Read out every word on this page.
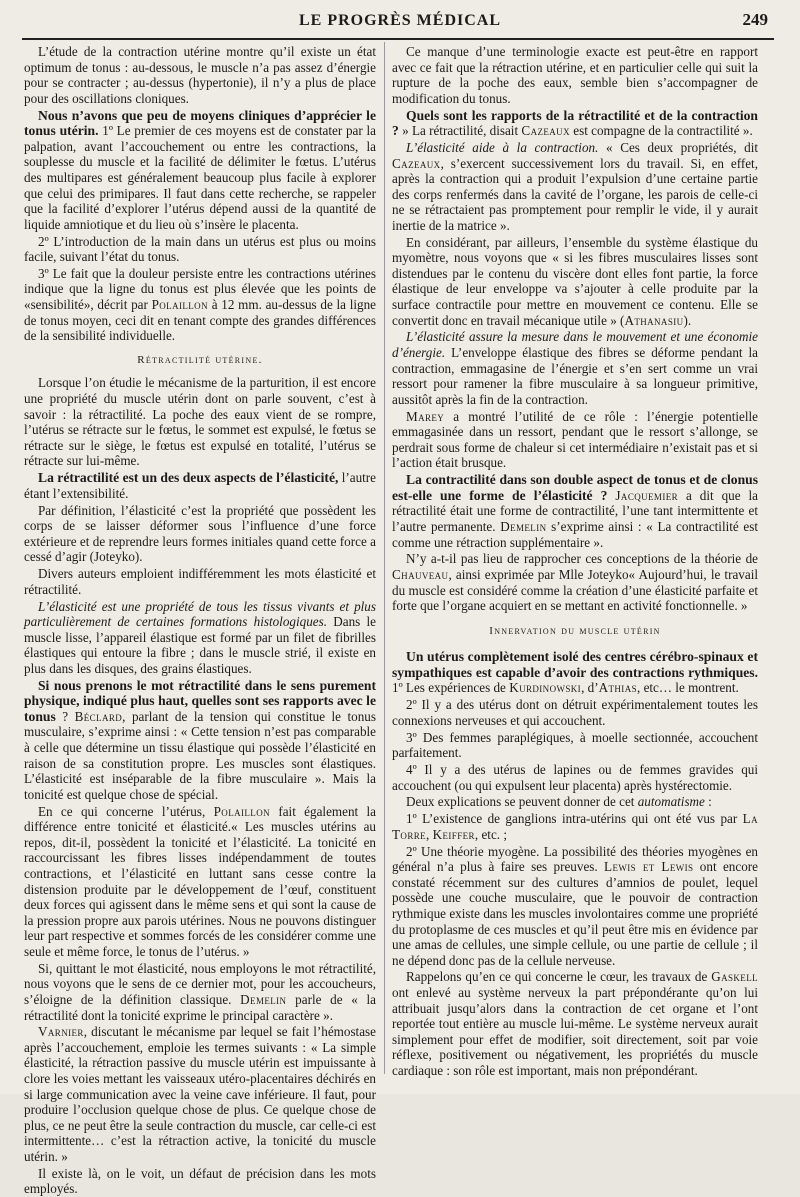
LE PROGRÈS MÉDICAL	249

L’étude de la contraction utérine montre qu’il existe un état optimum de tonus : au-dessous, le muscle n’a pas assez d’énergie pour se contracter ; au-dessus (hypertonie), il n’y a plus de place pour des oscillations cloniques.

Nous n’avons que peu de moyens cliniques d’apprécier le tonus utérin. 1º Le premier de ces moyens est de constater par la palpation, avant l’accouchement ou entre les contractions, la souplesse du muscle et la facilité de délimiter le fœtus. L’utérus des multipares est généralement beaucoup plus facile à explorer que celui des primipares. Il faut dans cette recherche, se rappeler que la facilité d’explorer l’utérus dépend aussi de la quantité de liquide amniotique et du lieu où s’insère le placenta.

2º L’introduction de la main dans un utérus est plus ou moins facile, suivant l’état du tonus.

3º Le fait que la douleur persiste entre les contractions utérines indique que la ligne du tonus est plus élevée que les points de «sensibilité», décrit par Polaillon à 12 mm. au-dessus de la ligne de tonus moyen, ceci dit en tenant compte des grandes différences de la sensibilité individuelle.

Rétractilité utérine.

Lorsque l’on étudie le mécanisme de la parturition, il est encore une propriété du muscle utérin dont on parle souvent, c’est à savoir : la rétractilité. La poche des eaux vient de se rompre, l’utérus se rétracte sur le fœtus, le sommet est expulsé, le fœtus se rétracte sur le siège, le fœtus est expulsé en totalité, l’utérus se rétracte sur lui-même.

La rétractilité est un des deux aspects de l’élasticité, l’autre étant l’extensibilité.

Par définition, l’élasticité c’est la propriété que possèdent les corps de se laisser déformer sous l’influence d’une force extérieure et de reprendre leurs formes initiales quand cette force a cessé d’agir (Joteyko).

Divers auteurs emploient indifféremment les mots élasticité et rétractilité.

L’élasticité est une propriété de tous les tissus vivants et plus particulièrement de certaines formations histologiques. Dans le muscle lisse, l’appareil élastique est formé par un filet de fibrilles élastiques qui entoure la fibre ; dans le muscle strié, il existe en plus dans les disques, des grains élastiques.

Si nous prenons le mot rétractilité dans le sens purement physique, indiqué plus haut, quelles sont ses rapports avec le tonus ? Béclard, parlant de la tension qui constitue le tonus musculaire, s’exprime ainsi : « Cette tension n’est pas comparable à celle que détermine un tissu élastique qui possède l’élasticité en raison de sa constitution propre. Les muscles sont élastiques. L’élasticité est inséparable de la fibre musculaire ». Mais la tonicité est quelque chose de spécial.

En ce qui concerne l’utérus, Polaillon fait également la différence entre tonicité et élasticité.« Les muscles utérins au repos, dit-il, possèdent la tonicité et l’élasticité. La tonicité en raccourcissant les fibres lisses indépendamment de toutes contractions, et l’élasticité en luttant sans cesse contre la distension produite par le développement de l’œuf, constituent deux forces qui agissent dans le même sens et qui sont la cause de la pression propre aux parois utérines. Nous ne pouvons distinguer leur part respective et sommes forcés de les considérer comme une seule et même force, le tonus de l’utérus. »

Si, quittant le mot élasticité, nous employons le mot rétractilité, nous voyons que le sens de ce dernier mot, pour les accoucheurs, s’éloigne de la définition classique. Demelin parle de « la rétractilité dont la tonicité exprime le principal caractère ».

Varnier, discutant le mécanisme par lequel se fait l’hémostase après l’accouchement, emploie les termes suivants : « La simple élasticité, la rétraction passive du muscle utérin est impuissante à clore les voies mettant les vaisseaux utéro-placentaires déchirés en si large communication avec la veine cave inférieure. Il faut, pour produire l’occlusion quelque chose de plus. Ce quelque chose de plus, ce ne peut être la seule contraction du muscle, car celle-ci est intermittente… c’est la rétraction active, la tonicité du muscle utérin. »

Il existe là, on le voit, un défaut de précision dans les mots employés.

Ce manque d’une terminologie exacte est peut-être en rapport avec ce fait que la rétraction utérine, et en particulier celle qui suit la rupture de la poche des eaux, semble bien s’accompagner de modification du tonus.

Quels sont les rapports de la rétractilité et de la contraction ? » La rétractilité, disait Cazeaux est compagne de la contractilité ».

L’élasticité aide à la contraction. « Ces deux propriétés, dit Cazeaux, s’exercent successivement lors du travail. Si, en effet, après la contraction qui a produit l’expulsion d’une certaine partie des corps renfermés dans la cavité de l’organe, les parois de celle-ci ne se rétractaient pas promptement pour remplir le vide, il y aurait inertie de la matrice ».

En considérant, par ailleurs, l’ensemble du système élastique du myomètre, nous voyons que « si les fibres musculaires lisses sont distendues par le contenu du viscère dont elles font partie, la force élastique de leur enveloppe va s’ajouter à celle produite par la surface contractile pour mettre en mouvement ce contenu. Elle se convertit donc en travail mécanique utile » (Athanasiu).

L’élasticité assure la mesure dans le mouvement et une économie d’énergie. L’enveloppe élastique des fibres se déforme pendant la contraction, emmagasine de l’énergie et s’en sert comme un vrai ressort pour ramener la fibre musculaire à sa longueur primitive, aussitôt après la fin de la contraction.

Marey a montré l’utilité de ce rôle : l’énergie potentielle emmagasinée dans un ressort, pendant que le ressort s’allonge, se perdrait sous forme de chaleur si cet intermédiaire n’existait pas et si l’action était brusque.

La contractilité dans son double aspect de tonus et de clonus est-elle une forme de l’élasticité ? Jacquemier a dit que la rétractilité était une forme de contractilité, l’une tant intermittente et l’autre permanente. Demelin s’exprime ainsi : « La contractilité est comme une rétraction supplémentaire ».

N’y a-t-il pas lieu de rapprocher ces conceptions de la théorie de Chauveau, ainsi exprimée par Mlle Joteyko« Aujourd’hui, le travail du muscle est considéré comme la création d’une élasticité parfaite et forte que l’organe acquiert en se mettant en activité fonctionnelle. »

Innervation du muscle utérin

Un utérus complètement isolé des centres cérébro-spinaux et sympathiques est capable d’avoir des contractions rythmiques. 1º Les expériences de Kurdinowski, d’Athias, etc… le montrent.

2º Il y a des utérus dont on détruit expérimentalement toutes les connexions nerveuses et qui accouchent.

3º Des femmes paraplégiques, à moelle sectionnée, accouchent parfaitement.

4º Il y a des utérus de lapines ou de femmes gravides qui accouchent (ou qui expulsent leur placenta) après hystérectomie.

Deux explications se peuvent donner de cet automatisme :

1º L’existence de ganglions intra-utérins qui ont été vus par La Torre, Keiffer, etc. ;

2º Une théorie myogène. La possibilité des théories myogènes en général n’a plus à faire ses preuves. Lewis et Lewis ont encore constaté récemment sur des cultures d’amnios de poulet, lequel possède une couche musculaire, que le pouvoir de contraction rythmique existe dans les muscles involontaires comme une propriété du protoplasme de ces muscles et qu’il peut être mis en évidence par une amas de cellules, une simple cellule, ou une partie de cellule ; il ne dépend donc pas de la cellule nerveuse.

Rappelons qu’en ce qui concerne le cœur, les travaux de Gaskell ont enlevé au système nerveux la part prépondérante qu’on lui attribuait jusqu’alors dans la contraction de cet organe et l’ont reportée tout entière au muscle lui-même. Le système nerveux aurait simplement pour effet de modifier, soit directement, soit par voie réflexe, positivement ou négativement, les propriétés du muscle cardiaque : son rôle est important, mais non prépondérant.
